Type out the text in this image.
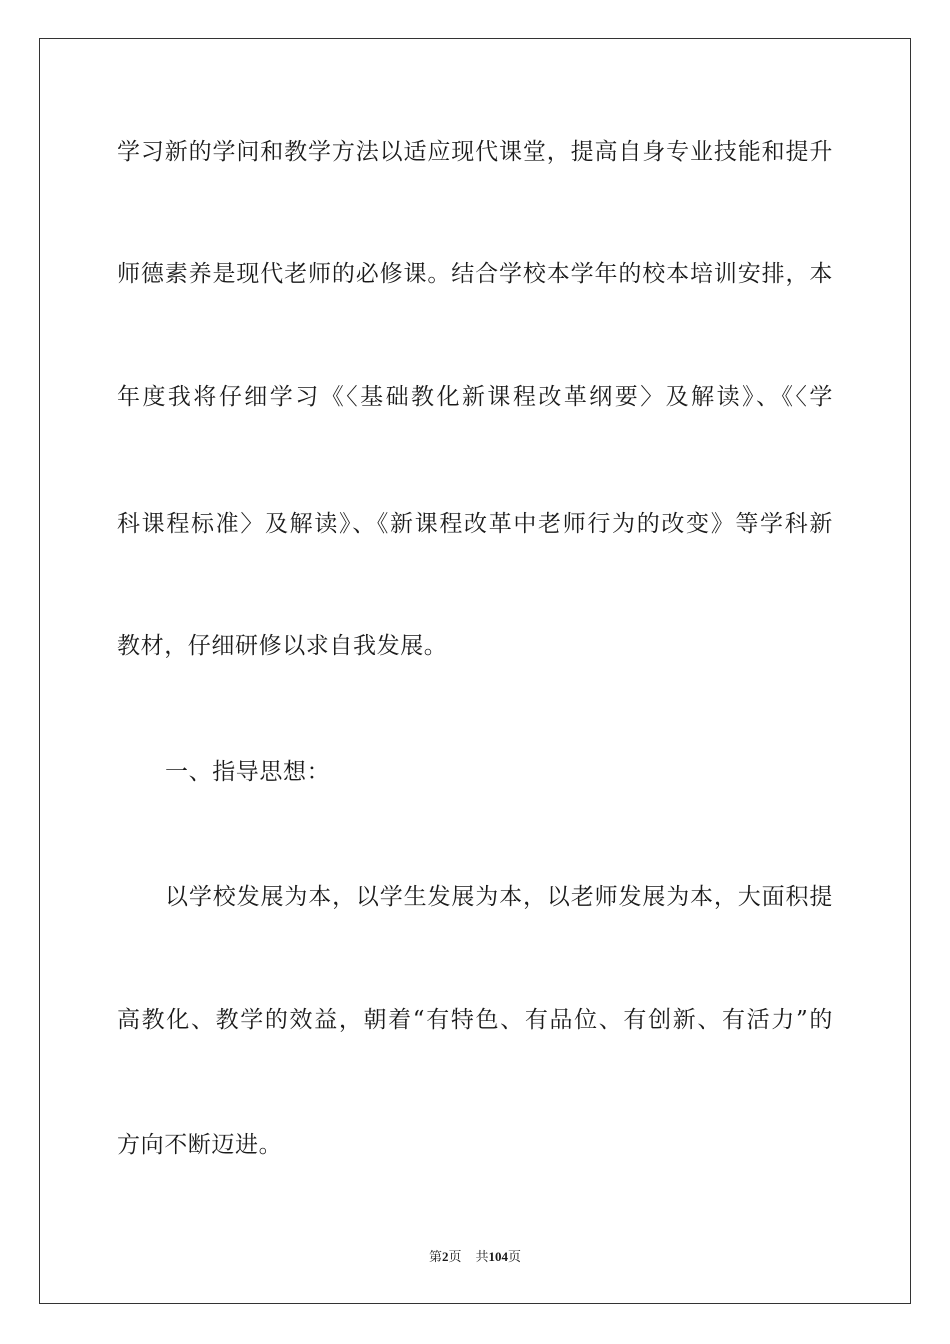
学习新的学问和教学方法以适应现代课堂，提高自身专业技能和提升
师德素养是现代老师的必修课。结合学校本学年的校本培训安排，本
年度我将仔细学习《〈基础教化新课程改革纲要〉及解读》、《〈学
科课程标准〉及解读》、《新课程改革中老师行为的改变》等学科新
教材，仔细研修以求自我发展。
一、指导思想：
以学校发展为本，以学生发展为本，以老师发展为本，大面积提
高教化、教学的效益，朝着“有特色、有品位、有创新、有活力”的
方向不断迈进。
第2页 共104页
